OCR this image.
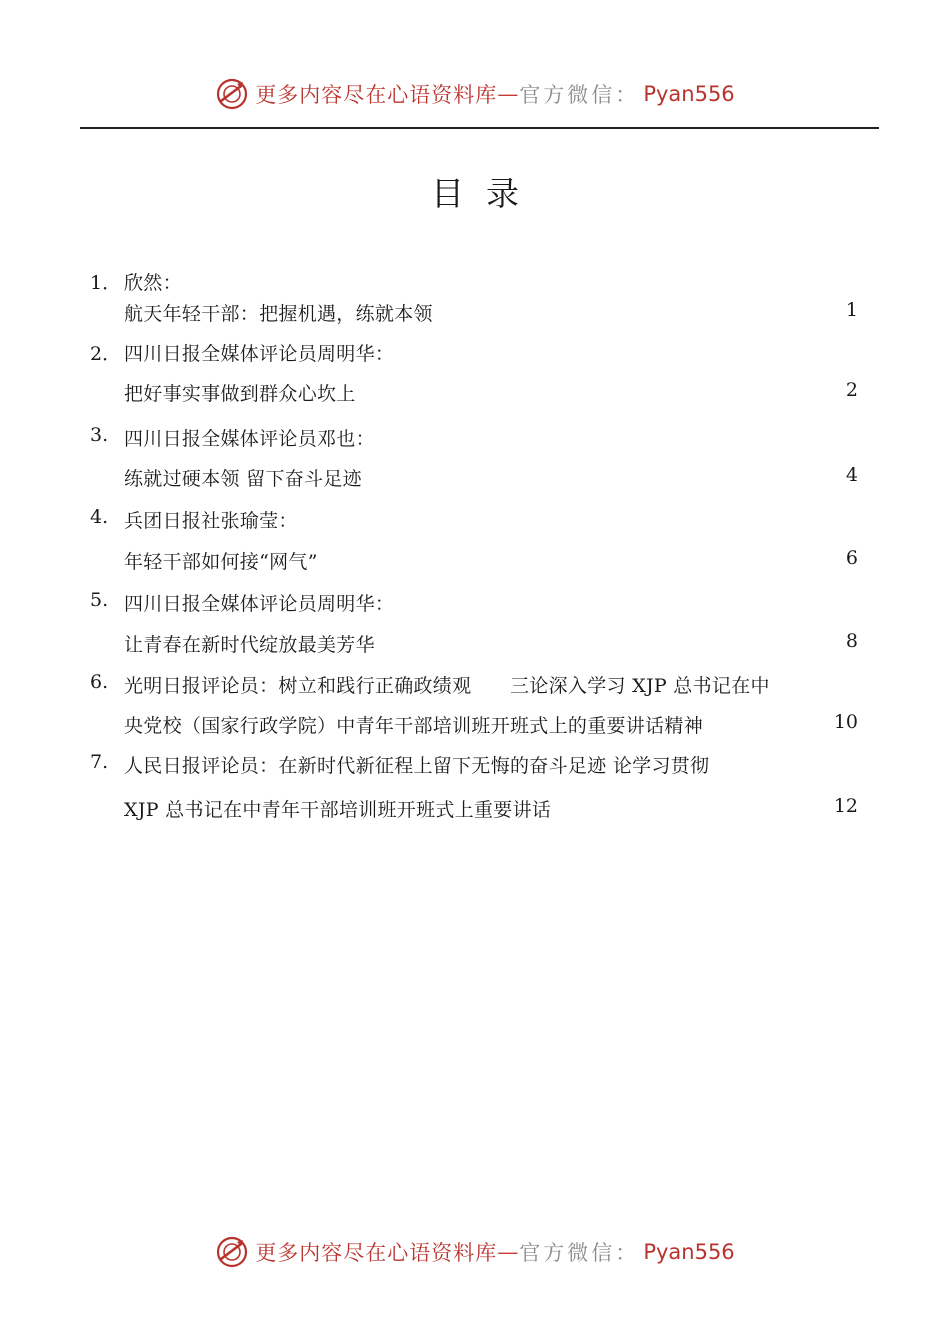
更多内容尽在心语资料库 — 官方微信： Pyan556
目录
1． 欣然：
航天年轻干部：把握机遇，练就本领	1
2． 四川日报全媒体评论员周明华：
把好事实事做到群众心坎上	2
3. 四川日报全媒体评论员邓也：
练就过硬本领 留下奋斗足迹	4
4. 兵团日报社张瑜莹：
年轻干部如何接“网气”	6
5. 四川日报全媒体评论员周明华：
让青春在新时代绽放最美芳华	8
6. 光明日报评论员：树立和践行正确政绩观　　三论深入学习 XJP 总书记在中
央党校（国家行政学院）中青年干部培训班开班式上的重要讲话精神	10
7. 人民日报评论员：在新时代新征程上留下无悔的奋斗足迹 论学习贯彻
XJP 总书记在中青年干部培训班开班式上重要讲话	12
更多内容尽在心语资料库 — 官方微信： Pyan556
